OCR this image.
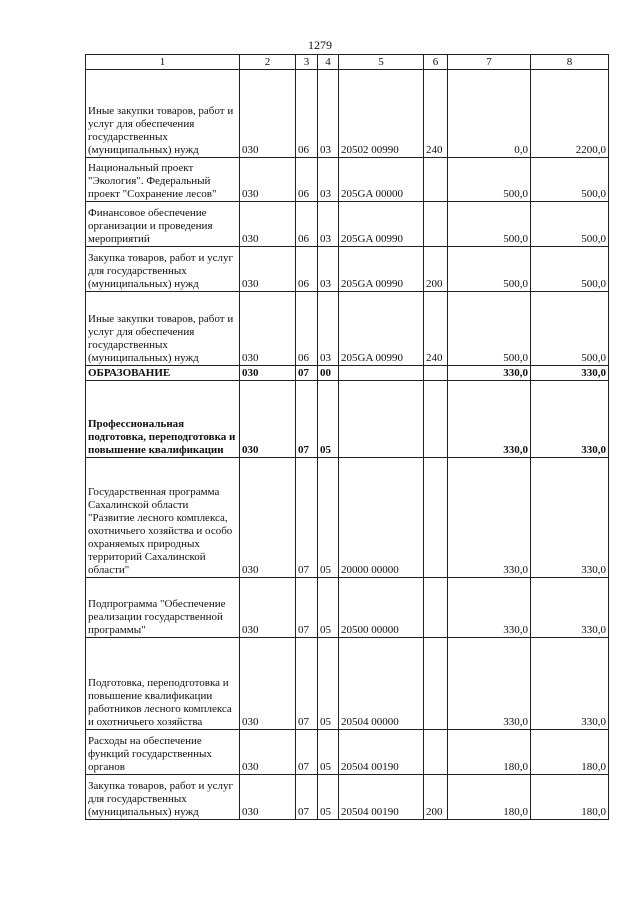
1279
1	2	3	4	5	6	7	8
Иные закупки товаров, работ и услуг для обеспечения государственных (муниципальных) нужд	030	06	03	20502 00990	240	0,0	2200,0
Национальный проект "Экология". Федеральный проект "Сохранение лесов"	030	06	03	205GA 00000		500,0	500,0
Финансовое обеспечение организации и проведения мероприятий	030	06	03	205GA 00990		500,0	500,0
Закупка товаров, работ и услуг для государственных (муниципальных) нужд	030	06	03	205GA 00990	200	500,0	500,0
Иные закупки товаров, работ и услуг для обеспечения государственных (муниципальных) нужд	030	06	03	205GA 00990	240	500,0	500,0
ОБРАЗОВАНИЕ	030	07	00			330,0	330,0
Профессиональная подготовка, переподготовка и повышение квалификации	030	07	05			330,0	330,0
Государственная программа Сахалинской области "Развитие лесного комплекса, охотничьего хозяйства и особо охраняемых природных территорий Сахалинской области"	030	07	05	20000 00000		330,0	330,0
Подпрограмма "Обеспечение реализации государственной программы"	030	07	05	20500 00000		330,0	330,0
Подготовка, переподготовка и повышение квалификации работников лесного комплекса и охотничьего хозяйства	030	07	05	20504 00000		330,0	330,0
Расходы на обеспечение функций государственных органов	030	07	05	20504 00190		180,0	180,0
Закупка товаров, работ и услуг для государственных (муниципальных) нужд	030	07	05	20504 00190	200	180,0	180,0
